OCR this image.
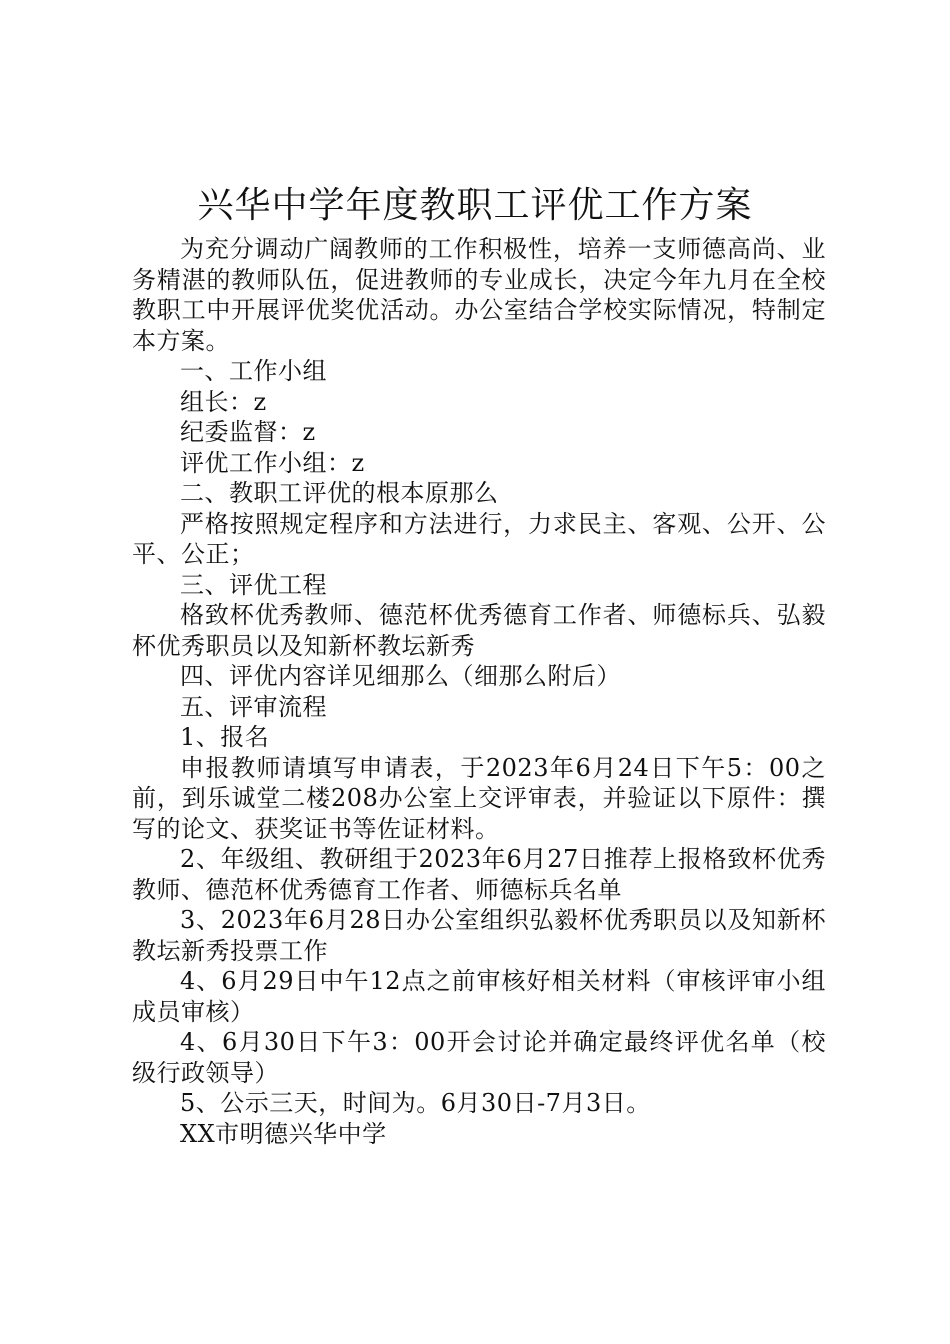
兴华中学年度教职工评优工作方案

为充分调动广阔教师的工作积极性，培养一支师德高尚、业务精湛的教师队伍，促进教师的专业成长，决定今年九月在全校教职工中开展评优奖优活动。办公室结合学校实际情况，特制定本方案。

一、工作小组

组长：z

纪委监督：z

评优工作小组：z

二、教职工评优的根本原那么

严格按照规定程序和方法进行，力求民主、客观、公开、公平、公正；

三、评优工程

格致杯优秀教师、德范杯优秀德育工作者、师德标兵、弘毅杯优秀职员以及知新杯教坛新秀

四、评优内容详见细那么（细那么附后）

五、评审流程

1、报名

申报教师请填写申请表，于2023年6月24日下午5：00之前，到乐诚堂二楼208办公室上交评审表，并验证以下原件：撰写的论文、获奖证书等佐证材料。

2、年级组、教研组于2023年6月27日推荐上报格致杯优秀教师、德范杯优秀德育工作者、师德标兵名单

3、2023年6月28日办公室组织弘毅杯优秀职员以及知新杯教坛新秀投票工作

4、6月29日中午12点之前审核好相关材料（审核评审小组成员审核）

4、6月30日下午3：00开会讨论并确定最终评优名单（校级行政领导）

5、公示三天，时间为。6月30日-7月3日。

XX市明德兴华中学
